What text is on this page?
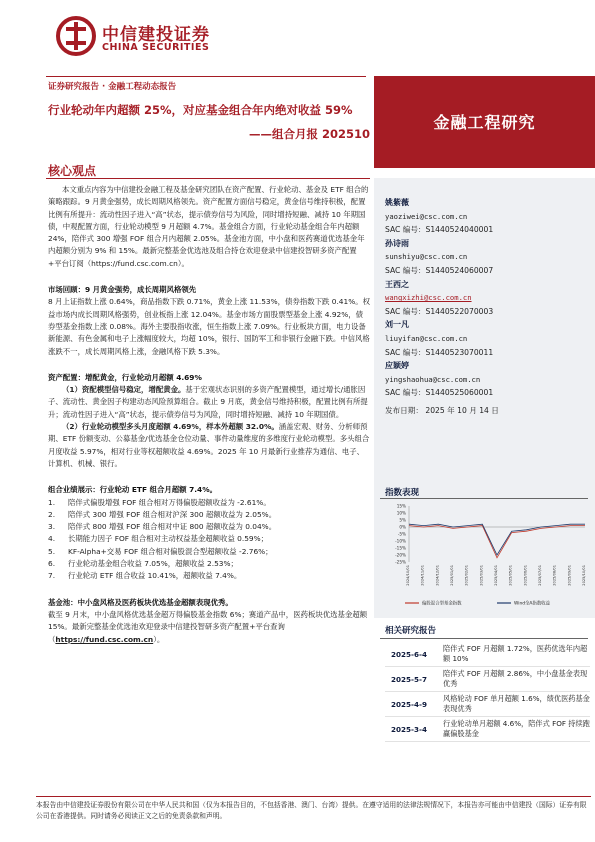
中信建投证券
CHINA SECURITIES
证券研究报告 · 金融工程动态报告
行业轮动年内超额 25%，对应基金组合年内绝对收益 59%
——组合月报 202510
金融工程研究
核心观点

本文重点内容为中信建投金融工程及基金研究团队在资产配置、行业轮动、基金及 ETF 组合的策略跟踪。9 月黄金强势，成长周期风格领先。资产配置方面信号稳定，黄金信号维持积极，配置比例有所提升：流动性因子进入“高”状态，提示债券信号为风险，同时增持短融、减持 10 年期国债，中观配置方面，行业轮动模型 9 月超额 4.7%。基金组合方面，行业轮动基金组合年内超额 24%，陪伴式 300 增强 FOF 组合月内超额 2.05%。基金池方面，中小盘和医药赛道优选基金年内超额分别为 9% 和 15%。最新完整基金优选池及组合持仓欢迎登录中信建投智研多资产配置+平台订阅（https://fund.csc.com.cn）。

市场回顾：9 月黄金强势，成长周期风格领先

8 月上证指数上涨 0.64%，商品指数下跌 0.71%，黄金上涨 11.53%，债券指数下跌 0.41%。权益市场内成长周期风格强势，创业板指上涨 12.04%。基金市场方面股票型基金上涨 4.92%，债券型基金指数上涨 0.08%。海外主要股指收涨，恒生指数上涨 7.09%。行业板块方面，电力设备新能源、有色金属和电子上涨幅度较大，均超 10%，银行、国防军工和非银行金融下跌。中信风格涨跌不一，成长周期风格上涨，金融风格下跌 5.3%。

资产配置：增配黄金，行业轮动月超额 4.69%

（1）资配模型信号稳定，增配黄金。基于宏观状态识别的多资产配置模型，通过增长/通胀因子、流动性、黄金因子构建动态风险预算组合。截止 9 月底，黄金信号维持积极，配置比例有所提升；流动性因子进入“高”状态，提示债券信号为风险，同时增持短融、减持 10 年期国债。

（2）行业轮动模型多头月度超额 4.69%，样本外超额 32.0%。涵盖宏观、财务、分析师预期、ETF 份额变动、公募基金/优选基金仓位动量、事件动量维度的多维度行业轮动模型。多头组合月度收益 5.97%，相对行业等权超额收益 4.69%。2025 年 10 月最新行业推荐为通信、电子、计算机、机械、银行。

组合业绩展示：行业轮动 ETF 组合月超额 7.4%。

1. 陪伴式偏股增强 FOF 组合相对万得偏股超额收益为 -2.61%。
2. 陪伴式 300 增强 FOF 组合相对沪深 300 超额收益为 2.05%。
3. 陪伴式 800 增强 FOF 组合相对中证 800 超额收益为 0.04%。
4. 长期能力因子 FOF 组合相对主动权益基金超额收益 0.59%；
5. KF-Alpha+交易 FOF 组合相对偏股混合型超额收益 -2.76%；
6. 行业轮动基金组合收益 7.05%，超额收益 2.53%；
7. 行业轮动 ETF 组合收益 10.41%，超额收益 7.4%。

基金池：中小盘风格及医药板块优选基金超额表现优秀。

截至 9 月末，中小盘风格优选基金超万得偏股基金指数 6%；赛道产品中，医药板块优选基金超额 15%。最新完整基金优选池欢迎登录中信建投智研多资产配置+平台查询（https://fund.csc.com.cn）。

姚紫薇
yaoziwei@csc.com.cn
SAC 编号：S1440524040001
孙诗雨
sunshiyu@csc.com.cn
SAC 编号：S1440524060007
王西之
wangxizhi@csc.com.cn
SAC 编号：S1440522070003
刘一凡
liuyifan@csc.com.cn
SAC 编号：S1440523070011
应颖婷
yingshaohua@csc.com.cn
SAC 编号：S1440525060001
发布日期： 2025 年 10 月 14 日
指数表现
15%
10%
5%
0%
-5%
-10%
-15%
-20%
-25%
2024/10/01	2024/11/01	2024/12/01	2025/01/01	2025/02/01	2025/03/01	2025/04/01	2025/05/01	2025/06/01	2025/07/01	2025/08/01	2025/09/01	2025/10/01
偏股混合型基金指数	Wind全A指数收益
相关研究报告
2025-6-4
陪伴式 FOF 月超额 1.72%，医药优选年内超额 10%
2025-5-7
陪伴式 FOF 月超额 2.86%，中小盘基金表现优秀
2025-4-9
风格轮动 FOF 单月超额 1.6%，绩优医药基金表现优秀
2025-3-4
行业轮动单月超额 4.6%，陪伴式 FOF 持续跑赢偏股基金
本报告由中信建投证券股份有限公司在中华人民共和国（仅为本报告目的，不包括香港、澳门、台湾）提供。在遵守适用的法律法规情况下，本报告亦可能由中信建投（国际）证券有限公司在香港提供。同时请务必阅读正文之后的免责条款和声明。
